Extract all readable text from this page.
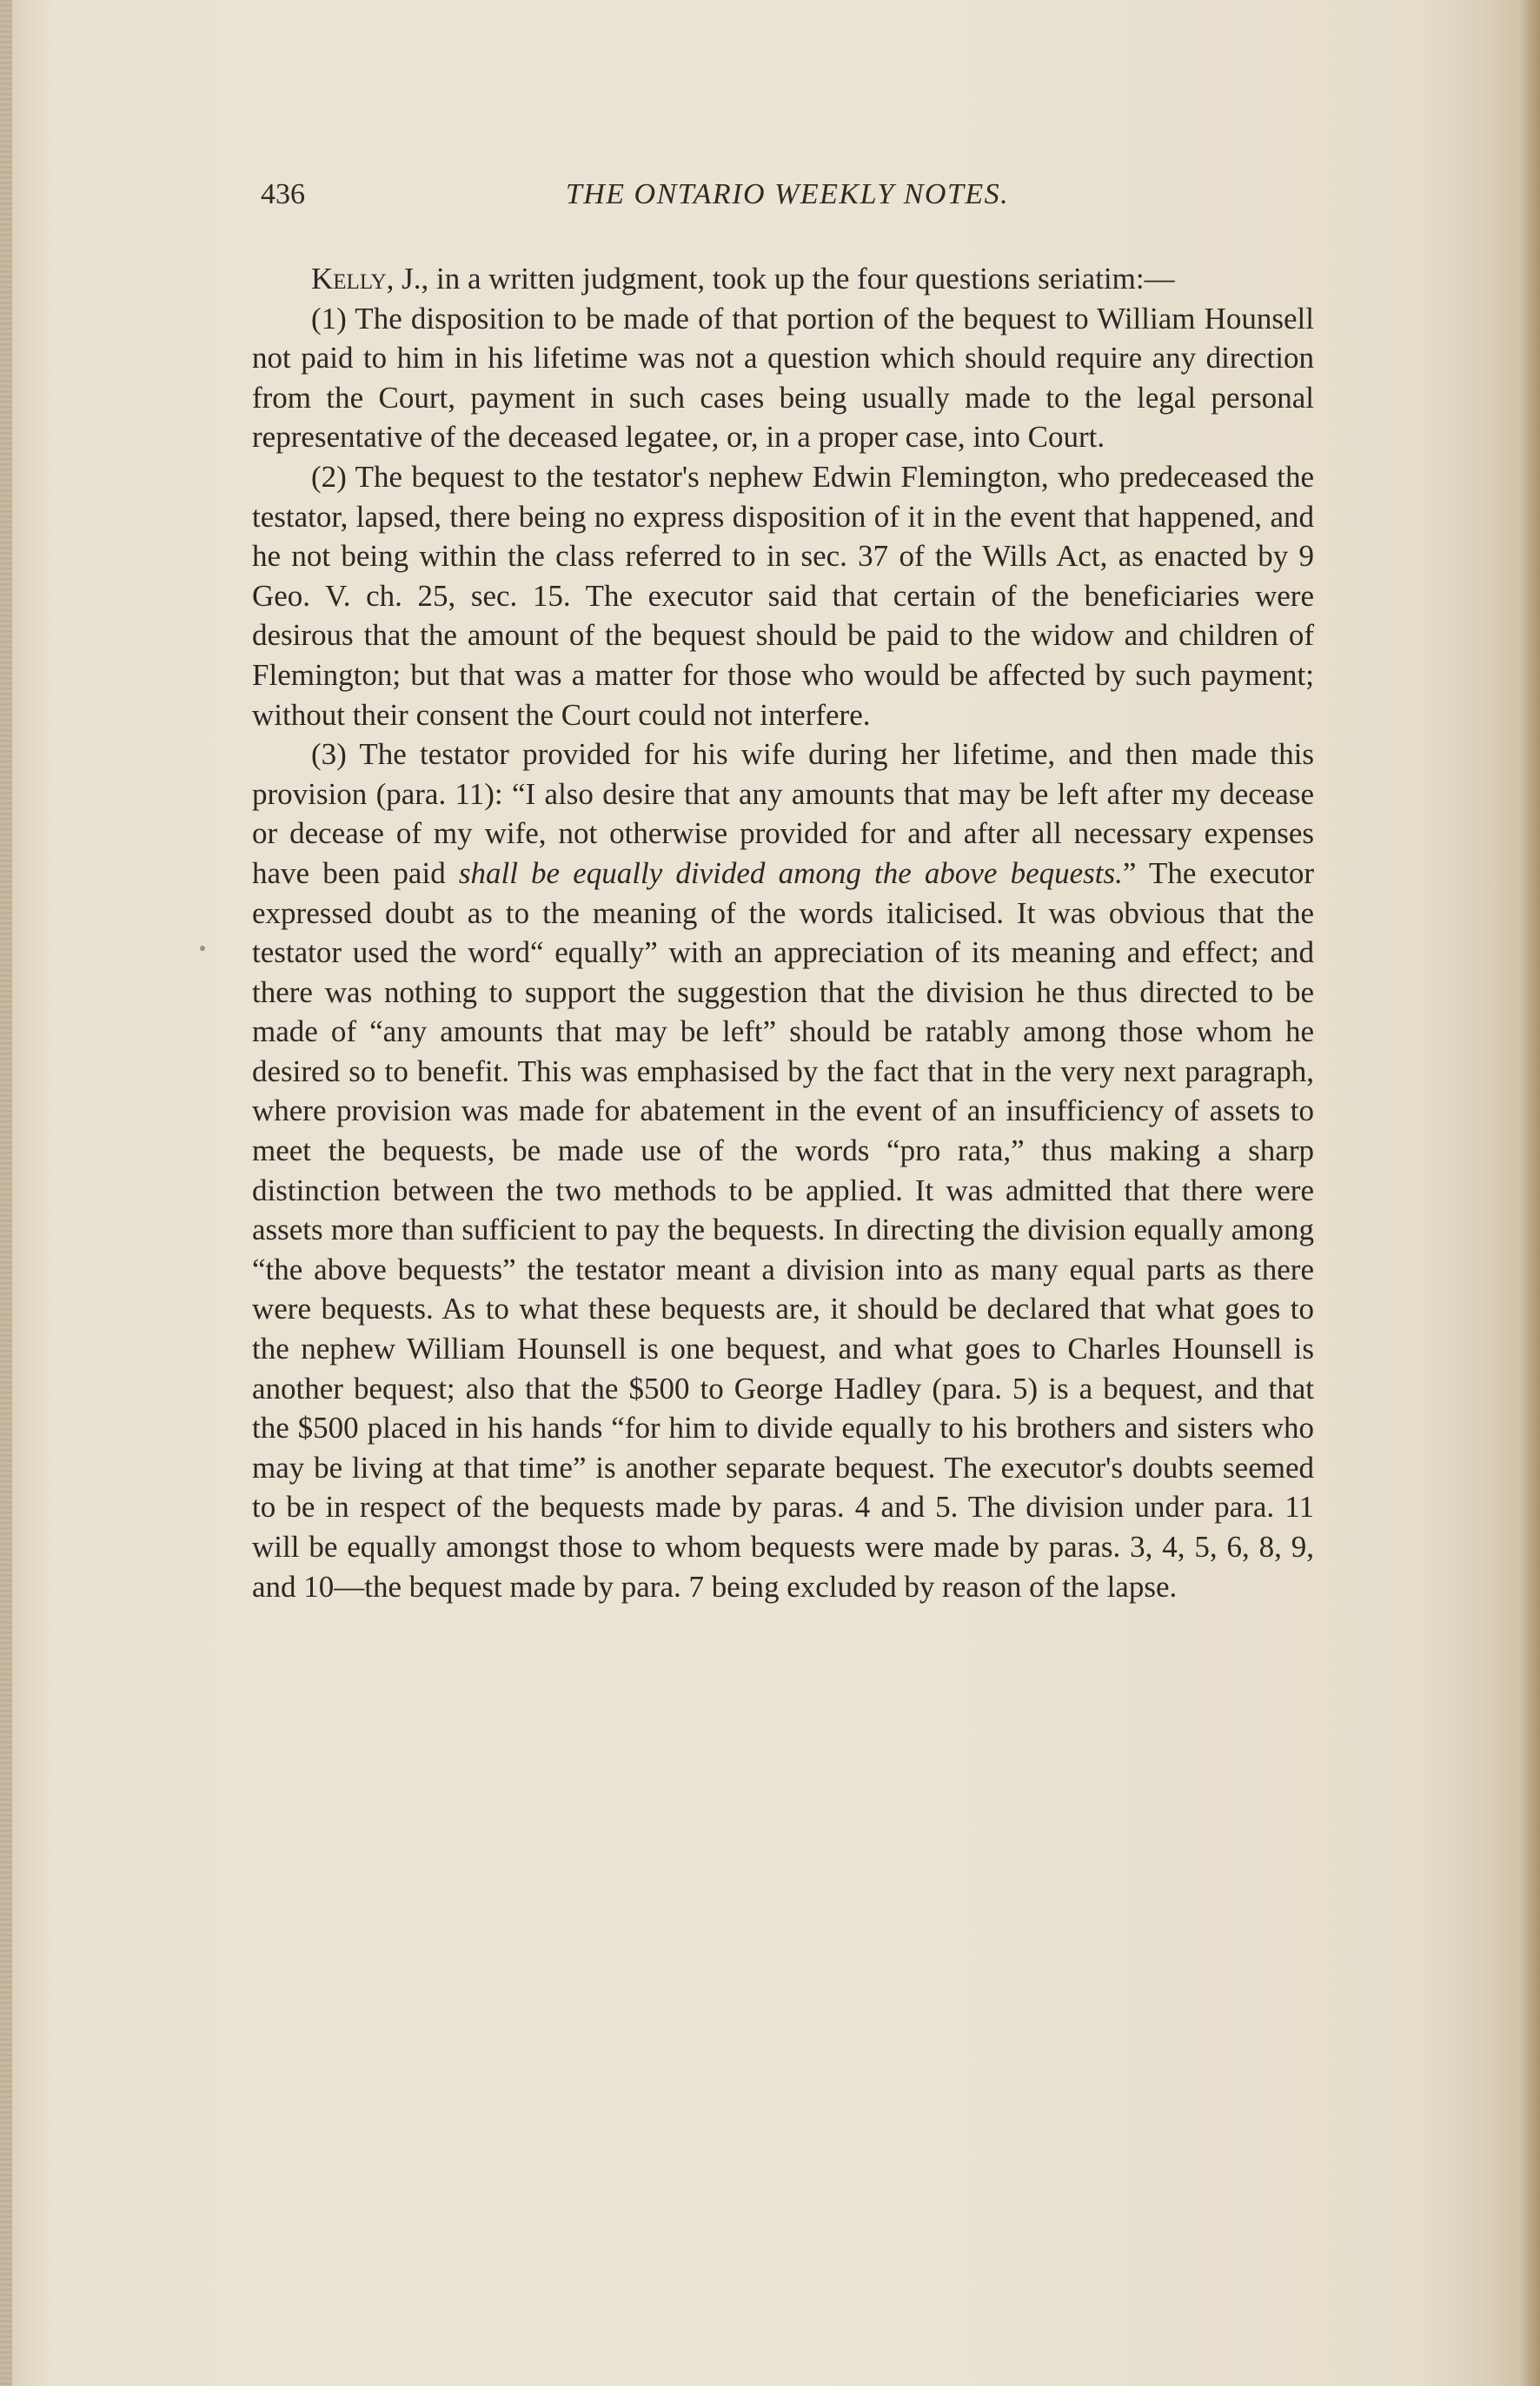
436	THE ONTARIO WEEKLY NOTES.

Kelly, J., in a written judgment, took up the four questions seriatim:—

(1) The disposition to be made of that portion of the bequest to William Hounsell not paid to him in his lifetime was not a question which should require any direction from the Court, payment in such cases being usually made to the legal personal representative of the deceased legatee, or, in a proper case, into Court.

(2) The bequest to the testator's nephew Edwin Flemington, who predeceased the testator, lapsed, there being no express disposition of it in the event that happened, and he not being within the class referred to in sec. 37 of the Wills Act, as enacted by 9 Geo. V. ch. 25, sec. 15. The executor said that certain of the beneficiaries were desirous that the amount of the bequest should be paid to the widow and children of Flemington; but that was a matter for those who would be affected by such payment; without their consent the Court could not interfere.

(3) The testator provided for his wife during her lifetime, and then made this provision (para. 11): “I also desire that any amounts that may be left after my decease or decease of my wife, not otherwise provided for and after all necessary expenses have been paid shall be equally divided among the above bequests.” The executor expressed doubt as to the meaning of the words italicised. It was obvious that the testator used the word“ equally” with an appreciation of its meaning and effect; and there was nothing to support the suggestion that the division he thus directed to be made of “any amounts that may be left” should be ratably among those whom he desired so to benefit. This was emphasised by the fact that in the very next paragraph, where provision was made for abatement in the event of an insufficiency of assets to meet the bequests, be made use of the words “pro rata,” thus making a sharp distinction between the two methods to be applied. It was admitted that there were assets more than sufficient to pay the bequests. In directing the division equally among “the above bequests” the testator meant a division into as many equal parts as there were bequests. As to what these bequests are, it should be declared that what goes to the nephew William Hounsell is one bequest, and what goes to Charles Hounsell is another bequest; also that the $500 to George Hadley (para. 5) is a bequest, and that the $500 placed in his hands “for him to divide equally to his brothers and sisters who may be living at that time” is another separate bequest. The executor's doubts seemed to be in respect of the bequests made by paras. 4 and 5. The division under para. 11 will be equally amongst those to whom bequests were made by paras. 3, 4, 5, 6, 8, 9, and 10—the bequest made by para. 7 being excluded by reason of the lapse.
